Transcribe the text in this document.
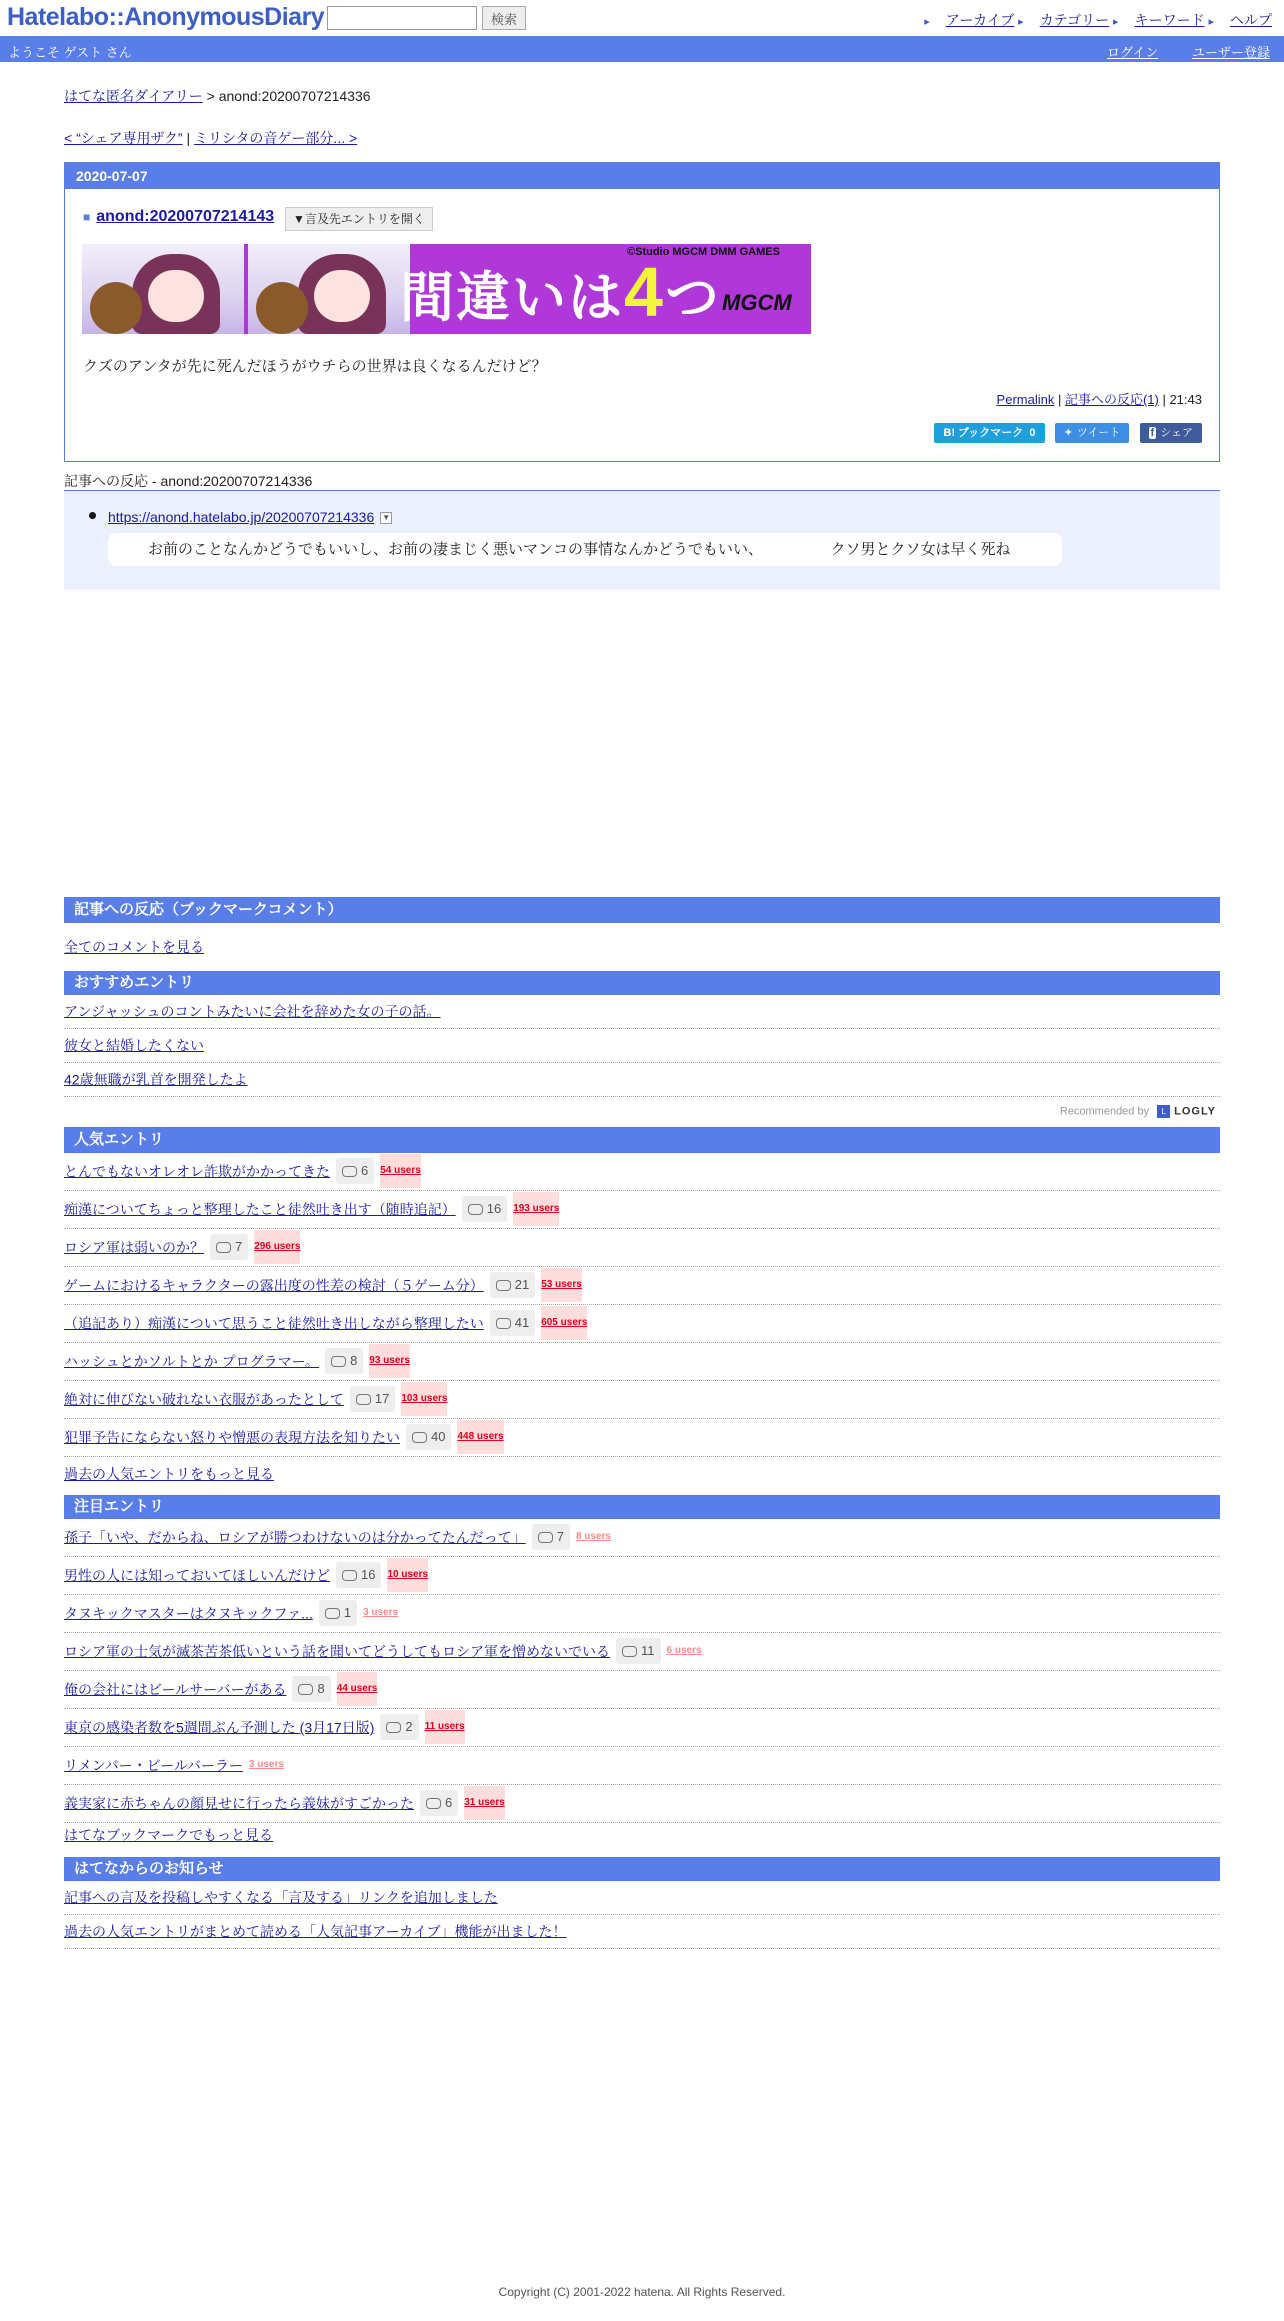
Hatelabo::AnonymousDiary	検索	▸ アーカイブ ▸ カテゴリー ▸ キーワード ▸ ヘルプ
ようこそ ゲスト さん	ログイン	ユーザー登録
はてな匿名ダイアリー > anond:20200707214336
< “シェア専用ザク” | ミリシタの音ゲー部分... >
2020-07-07
■ anond:20200707214143	▼言及先エントリを開く
©Studio MGCM DMM GAMES
間違いは4つ MGCM
クズのアンタが先に死んだほうがウチらの世界は良くなるんだけど？
Permalink | 記事への反応(1) | 21:43
B! ブックマーク 0	✦ ツイート	f シェア
記事への反応 - anond:20200707214336
https://anond.hatelabo.jp/20200707214336 ▼
お前のことなんかどうでもいいし、お前の凄まじく悪いマンコの事情なんかどうでもいい、　　　　　クソ男とクソ女は早く死ね
記事への反応（ブックマークコメント）
全てのコメントを見る
おすすめエントリ
アンジャッシュのコントみたいに会社を辞めた女の子の話。
彼女と結婚したくない
42歳無職が乳首を開発したよ
Recommended by L LOGLY
人気エントリ
とんでもないオレオレ詐欺がかかってきた 6 54 users
痴漢についてちょっと整理したこと徒然吐き出す（随時追記） 16 193 users
ロシア軍は弱いのか？ 7 296 users
ゲームにおけるキャラクターの露出度の性差の検討（５ゲーム分） 21 53 users
（追記あり）痴漢について思うこと徒然吐き出しながら整理したい 41 605 users
ハッシュとかソルトとか プログラマー。 8 93 users
絶対に伸びない破れない衣服があったとして 17 103 users
犯罪予告にならない怒りや憎悪の表現方法を知りたい 40 448 users
過去の人気エントリをもっと見る
注目エントリ
孫子「いや、だからね、ロシアが勝つわけないのは分かってたんだって」 7 8 users
男性の人には知っておいてほしいんだけど 16 10 users
タヌキックマスターはタヌキックファ... 1 3 users
ロシア軍の士気が滅茶苦茶低いという話を聞いてどうしてもロシア軍を憎めないでいる 11 6 users
俺の会社にはビールサーバーがある 8 44 users
東京の感染者数を5週間ぶん予測した (3月17日版) 2 11 users
リメンバー・ビールバーラー 3 users
義実家に赤ちゃんの顔見せに行ったら義妹がすごかった 6 31 users
はてなブックマークでもっと見る
はてなからのお知らせ
記事への言及を投稿しやすくなる「言及する」リンクを追加しました
過去の人気エントリがまとめて読める「人気記事アーカイブ」機能が出ました！
Copyright (C) 2001-2022 hatena. All Rights Reserved.
